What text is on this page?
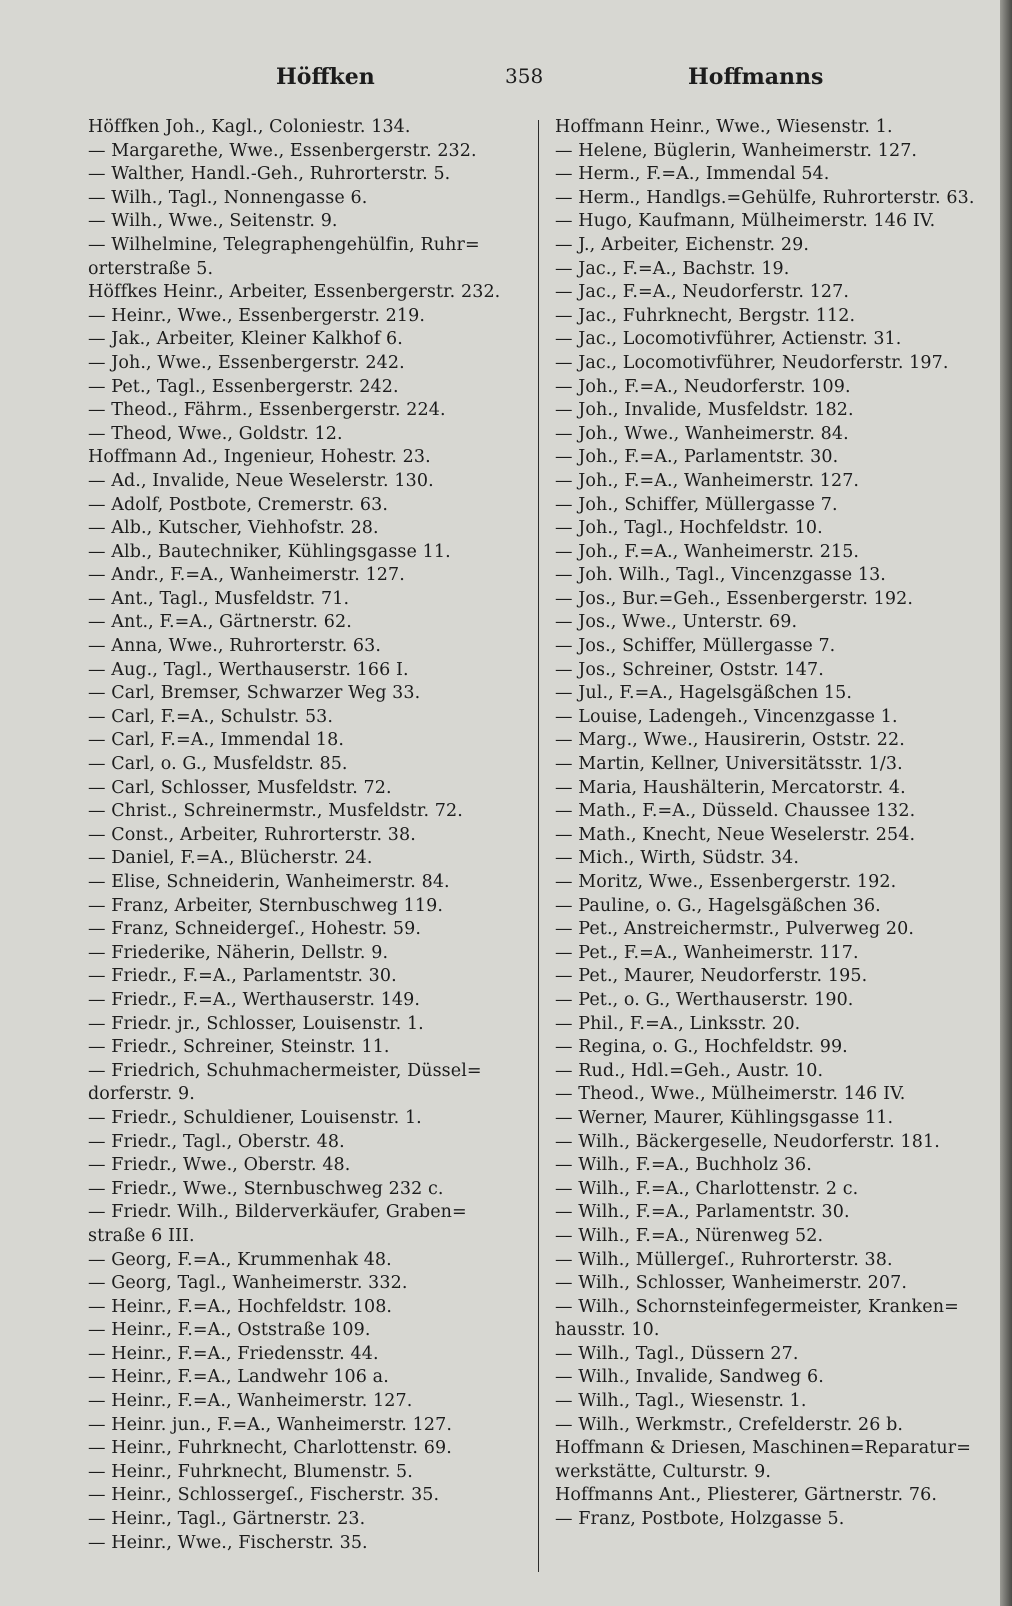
Höffken	358	Hoffmanns
Höffken Joh., Kagl., Coloniestr. 134.
— Margarethe, Wwe., Essenbergerstr. 232.
— Walther, Handl.-Geh., Ruhrorterstr. 5.
— Wilh., Tagl., Nonnengasse 6.
— Wilh., Wwe., Seitenstr. 9.
— Wilhelmine, Telegraphengehülfin, Ruhr=
orterstraße 5.
Höffkes Heinr., Arbeiter, Essenbergerstr. 232.
— Heinr., Wwe., Essenbergerstr. 219.
— Jak., Arbeiter, Kleiner Kalkhof 6.
— Joh., Wwe., Essenbergerstr. 242.
— Pet., Tagl., Essenbergerstr. 242.
— Theod., Fährm., Essenbergerstr. 224.
— Theod, Wwe., Goldstr. 12.
Hoffmann Ad., Ingenieur, Hohestr. 23.
— Ad., Invalide, Neue Weselerstr. 130.
— Adolf, Postbote, Cremerstr. 63.
— Alb., Kutscher, Viehhofstr. 28.
— Alb., Bautechniker, Kühlingsgasse 11.
— Andr., F.=A., Wanheimerstr. 127.
— Ant., Tagl., Musfeldstr. 71.
— Ant., F.=A., Gärtnerstr. 62.
— Anna, Wwe., Ruhrorterstr. 63.
— Aug., Tagl., Werthauserstr. 166 I.
— Carl, Bremser, Schwarzer Weg 33.
— Carl, F.=A., Schulstr. 53.
— Carl, F.=A., Immendal 18.
— Carl, o. G., Musfeldstr. 85.
— Carl, Schlosser, Musfeldstr. 72.
— Christ., Schreinermstr., Musfeldstr. 72.
— Const., Arbeiter, Ruhrorterstr. 38.
— Daniel, F.=A., Blücherstr. 24.
— Elise, Schneiderin, Wanheimerstr. 84.
— Franz, Arbeiter, Sternbuschweg 119.
— Franz, Schneidergeſ., Hohestr. 59.
— Friederike, Näherin, Dellstr. 9.
— Friedr., F.=A., Parlamentstr. 30.
— Friedr., F.=A., Werthauserstr. 149.
— Friedr. jr., Schlosser, Louisenstr. 1.
— Friedr., Schreiner, Steinstr. 11.
— Friedrich, Schuhmachermeister, Düssel=
dorferstr. 9.
— Friedr., Schuldiener, Louisenstr. 1.
— Friedr., Tagl., Oberstr. 48.
— Friedr., Wwe., Oberstr. 48.
— Friedr., Wwe., Sternbuschweg 232 c.
— Friedr. Wilh., Bilderverkäufer, Graben=
straße 6 III.
— Georg, F.=A., Krummenhak 48.
— Georg, Tagl., Wanheimerstr. 332.
— Heinr., F.=A., Hochfeldstr. 108.
— Heinr., F.=A., Oststraße 109.
— Heinr., F.=A., Friedensstr. 44.
— Heinr., F.=A., Landwehr 106 a.
— Heinr., F.=A., Wanheimerstr. 127.
— Heinr. jun., F.=A., Wanheimerstr. 127.
— Heinr., Fuhrknecht, Charlottenstr. 69.
— Heinr., Fuhrknecht, Blumenstr. 5.
— Heinr., Schlossergeſ., Fischerstr. 35.
— Heinr., Tagl., Gärtnerstr. 23.
— Heinr., Wwe., Fischerstr. 35.
Hoffmann Heinr., Wwe., Wiesenstr. 1.
— Helene, Büglerin, Wanheimerstr. 127.
— Herm., F.=A., Immendal 54.
— Herm., Handlgs.=Gehülfe, Ruhrorterstr. 63.
— Hugo, Kaufmann, Mülheimerstr. 146 IV.
— J., Arbeiter, Eichenstr. 29.
— Jac., F.=A., Bachstr. 19.
— Jac., F.=A., Neudorferstr. 127.
— Jac., Fuhrknecht, Bergstr. 112.
— Jac., Locomotivführer, Actienstr. 31.
— Jac., Locomotivführer, Neudorferstr. 197.
— Joh., F.=A., Neudorferstr. 109.
— Joh., Invalide, Musfeldstr. 182.
— Joh., Wwe., Wanheimerstr. 84.
— Joh., F.=A., Parlamentstr. 30.
— Joh., F.=A., Wanheimerstr. 127.
— Joh., Schiffer, Müllergasse 7.
— Joh., Tagl., Hochfeldstr. 10.
— Joh., F.=A., Wanheimerstr. 215.
— Joh. Wilh., Tagl., Vincenzgasse 13.
— Jos., Bur.=Geh., Essenbergerstr. 192.
— Jos., Wwe., Unterstr. 69.
— Jos., Schiffer, Müllergasse 7.
— Jos., Schreiner, Oststr. 147.
— Jul., F.=A., Hagelsgäßchen 15.
— Louise, Ladengeh., Vincenzgasse 1.
— Marg., Wwe., Hausirerin, Oststr. 22.
— Martin, Kellner, Universitätsstr. 1/3.
— Maria, Haushälterin, Mercatorstr. 4.
— Math., F.=A., Düsseld. Chaussee 132.
— Math., Knecht, Neue Weselerstr. 254.
— Mich., Wirth, Südstr. 34.
— Moritz, Wwe., Essenbergerstr. 192.
— Pauline, o. G., Hagelsgäßchen 36.
— Pet., Anstreichermstr., Pulverweg 20.
— Pet., F.=A., Wanheimerstr. 117.
— Pet., Maurer, Neudorferstr. 195.
— Pet., o. G., Werthauserstr. 190.
— Phil., F.=A., Linksstr. 20.
— Regina, o. G., Hochfeldstr. 99.
— Rud., Hdl.=Geh., Austr. 10.
— Theod., Wwe., Mülheimerstr. 146 IV.
— Werner, Maurer, Kühlingsgasse 11.
— Wilh., Bäckergeselle, Neudorferstr. 181.
— Wilh., F.=A., Buchholz 36.
— Wilh., F.=A., Charlottenstr. 2 c.
— Wilh., F.=A., Parlamentstr. 30.
— Wilh., F.=A., Nürenweg 52.
— Wilh., Müllergeſ., Ruhrorterstr. 38.
— Wilh., Schlosser, Wanheimerstr. 207.
— Wilh., Schornsteinfegermeister, Kranken=
hausstr. 10.
— Wilh., Tagl., Düssern 27.
— Wilh., Invalide, Sandweg 6.
— Wilh., Tagl., Wiesenstr. 1.
— Wilh., Werkmstr., Crefelderstr. 26 b.
Hoffmann & Driesen, Maschinen=Reparatur=
werkstätte, Culturstr. 9.
Hoffmanns Ant., Pliesterer, Gärtnerstr. 76.
— Franz, Postbote, Holzgasse 5.
